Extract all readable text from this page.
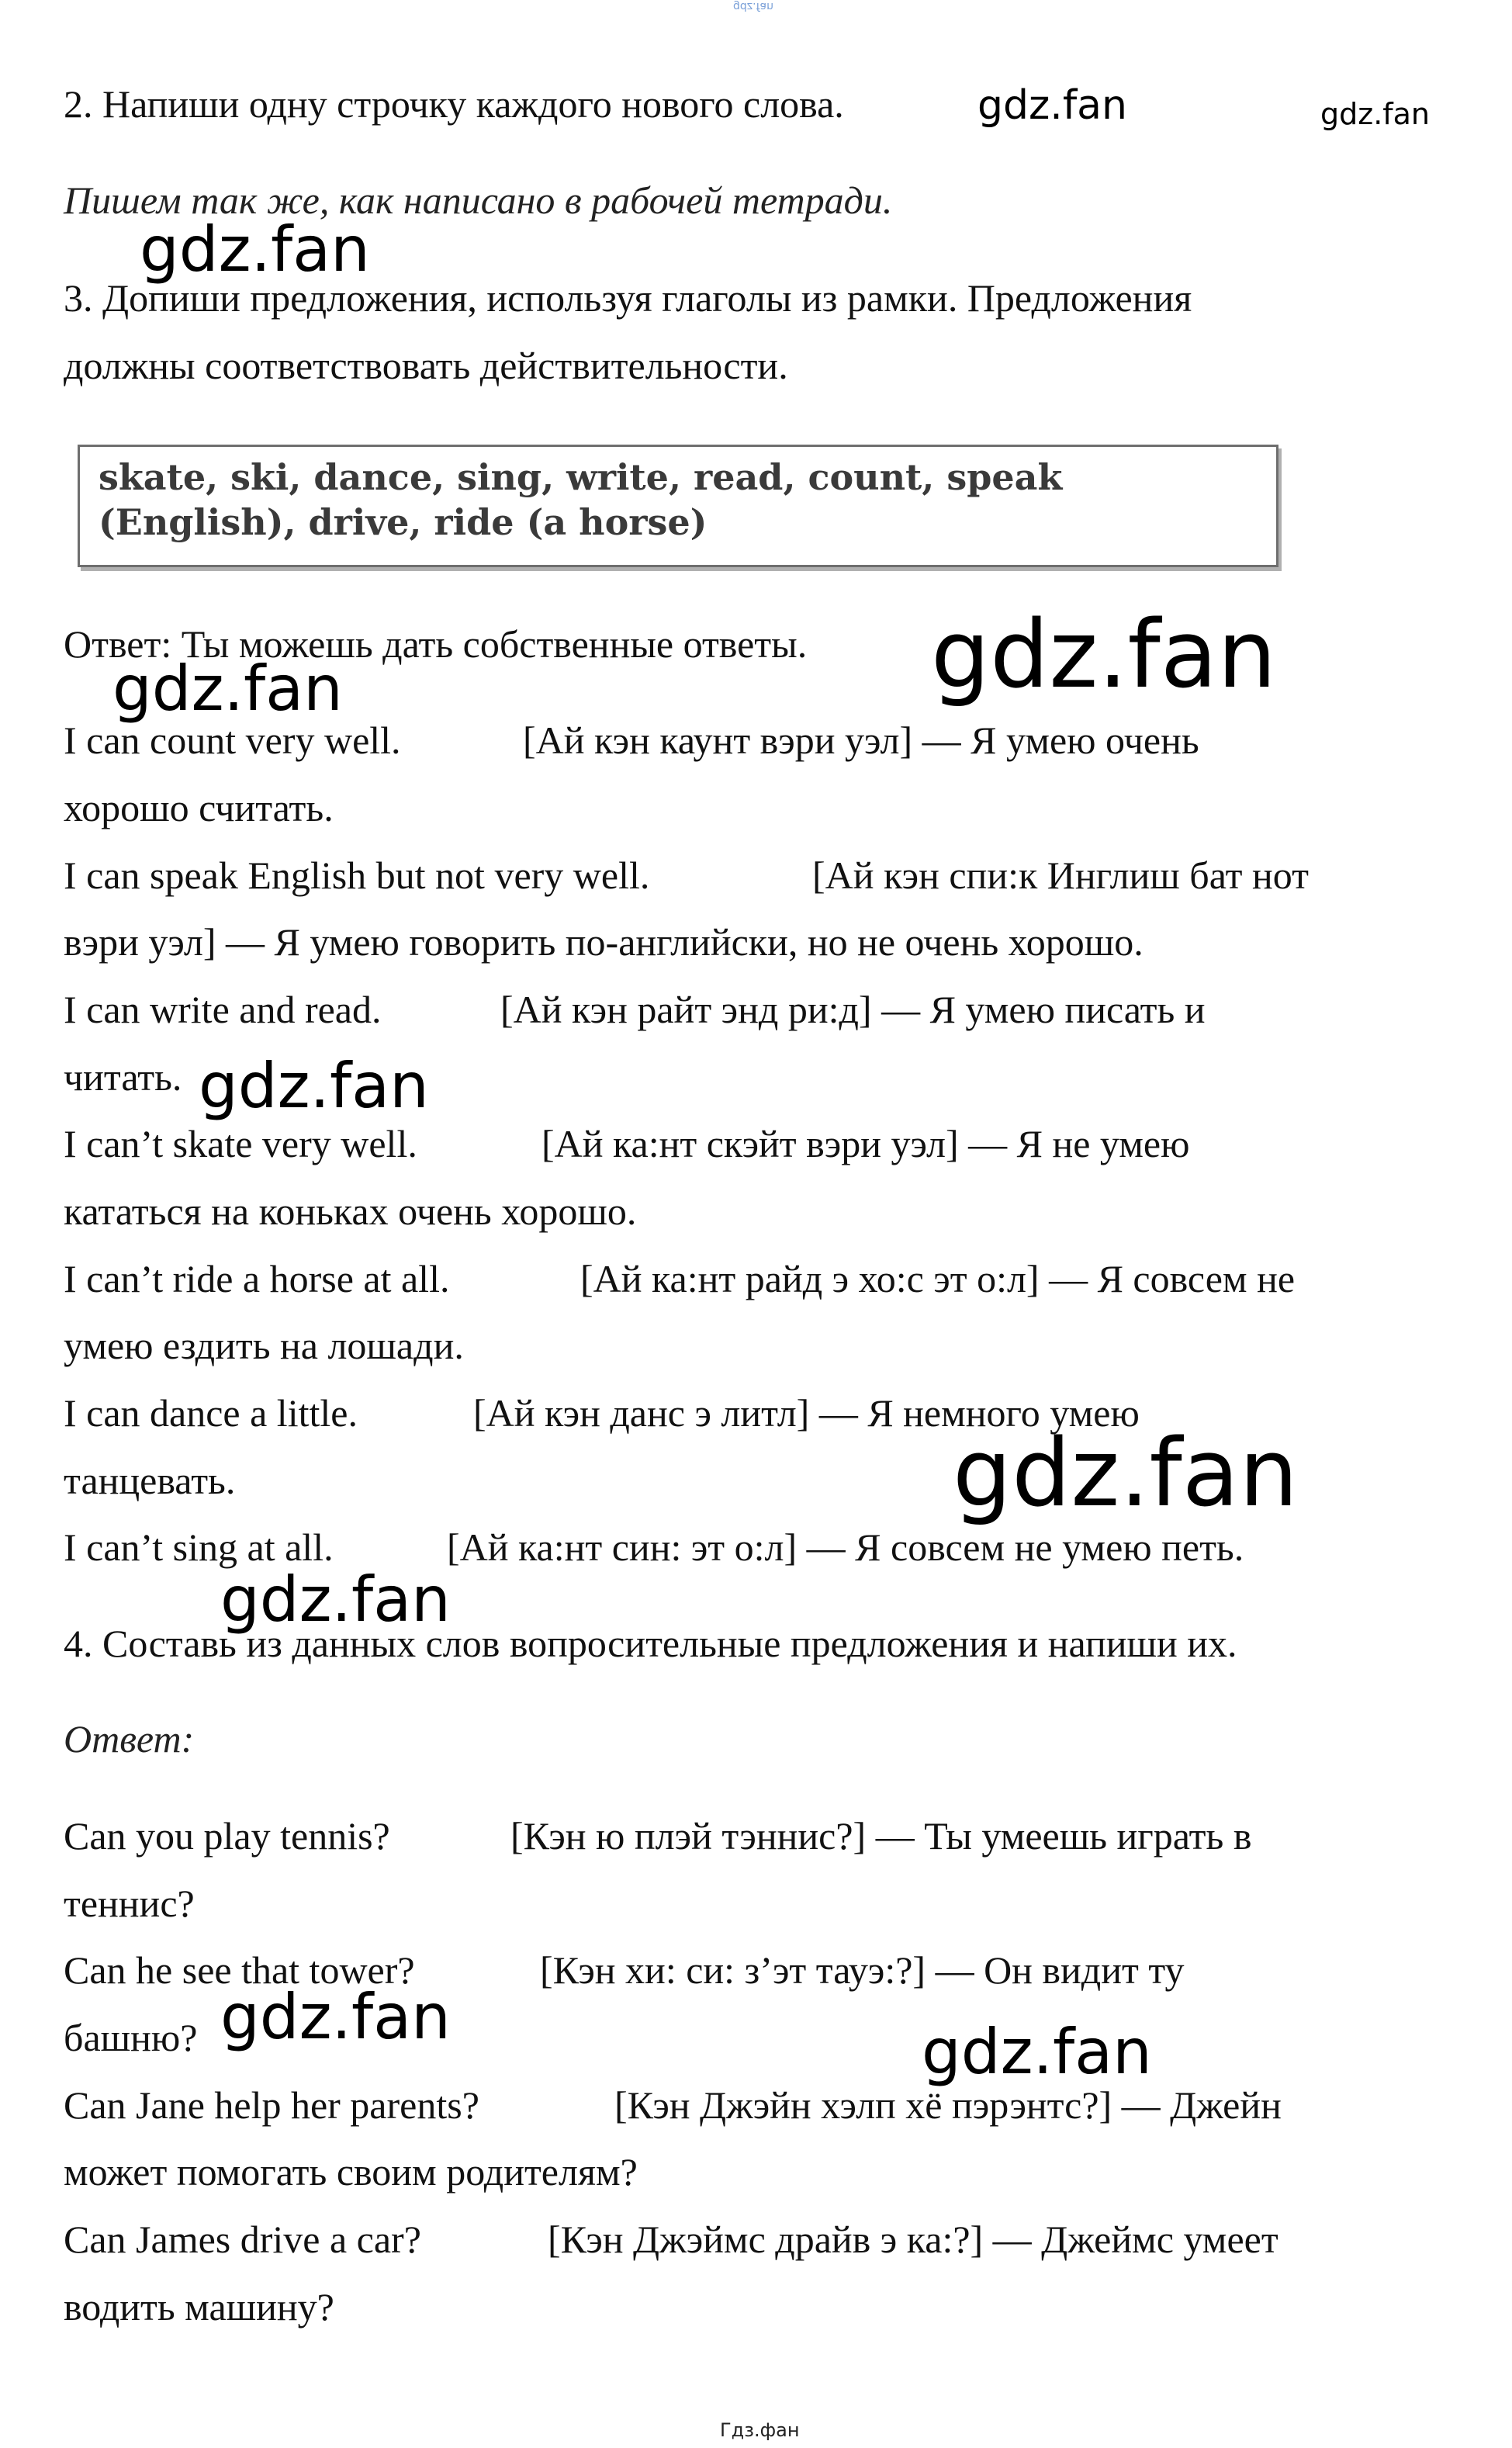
gdz.fan
2. Напиши одну строчку каждого нового слова.
Пишем так же, как написано в рабочей тетради.
3. Допиши предложения, используя глаголы из рамки. Предложения
должны соответствовать действительности.
skate, ski, dance, sing, write, read, count, speak
(English), drive, ride (a horse)
Ответ: Ты можешь дать собственные ответы.
I can count very well.	[Ай кэн каунт вэри уэл] — Я умею очень
хорошо считать.
I can speak English but not very well.	[Ай кэн спи:к Инглиш бат нот
вэри уэл] — Я умею говорить по-английски, но не очень хорошо.
I can write and read.	[Ай кэн райт энд ри:д] — Я умею писать и
читать.
I can’t skate very well.	[Ай ка:нт скэйт вэри уэл] — Я не умею
кататься на коньках очень хорошо.
I can’t ride a horse at all.	[Ай ка:нт райд э хо:с эт о:л] — Я совсем не
умею ездить на лошади.
I can dance a little.	[Ай кэн данс э литл] — Я немного умею
танцевать.
I can’t sing at all.	[Ай ка:нт син: эт о:л] — Я совсем не умею петь.
4. Составь из данных слов вопросительные предложения и напиши их.
Ответ:
Can you play tennis?	[Кэн ю плэй тэннис?] — Ты умеешь играть в
теннис?
Can he see that tower?	[Кэн хи: си: з’эт тауэ:?] — Он видит ту
башню?
Can Jane help her parents?	[Кэн Джэйн хэлп хё пэрэнтс?] — Джейн
может помогать своим родителям?
Can James drive a car?	[Кэн Джэймс драйв э ка:?] — Джеймс умеет
водить машину?
gdz.fan	gdz.fan
gdz.fan
gdz.fan
gdz.fan
gdz.fan
gdz.fan
gdz.fan
gdz.fan	gdz.fan
Гдз.фан
